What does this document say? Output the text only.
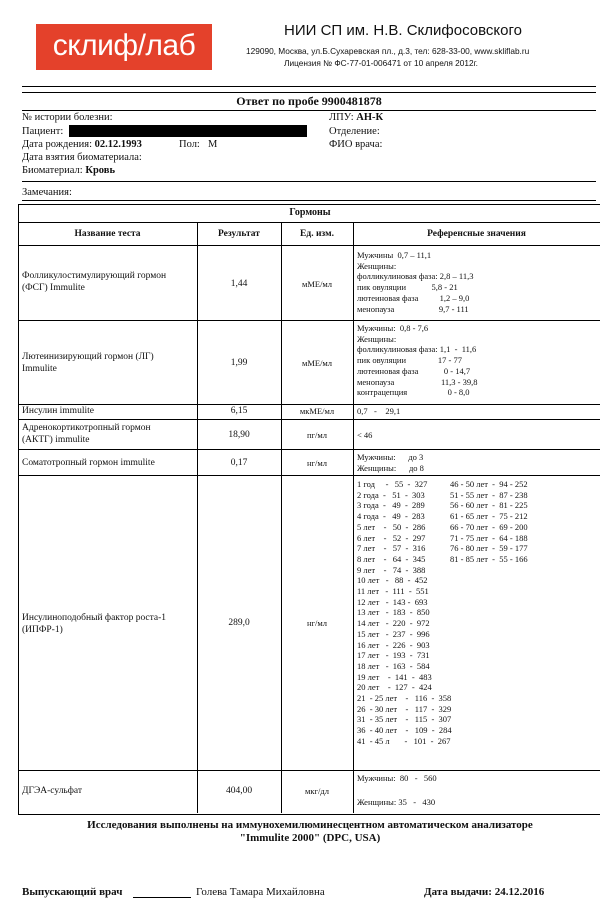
склиф/лаб	НИИ СП им. Н.В. Склифосовского
129090, Москва, ул.Б.Сухаревская пл., д.3, тел: 628-33-00, www.skliflab.ru
Лицензия № ФС-77-01-006471 от 10 апреля 2012г.
Ответ по пробе 9900481878
№ истории болезни:
Пациент:
Дата рождения: 02.12.1993	Пол: М
Дата взятия биоматериала:
Биоматериал: Кровь
ЛПУ: АН-К
Отделение:
ФИО врача:
Замечания:
Гормоны
Название теста	Результат	Ед. изм.	Референсные значения
Фолликулостимулирующий гормон
(ФСГ) Immulite	1,44	мМЕ/мл
Мужчины  0,7 – 11,1
Женщины:
фолликулиновая фаза: 2,8 – 11,3
пик овуляции            5,8 - 21
лютеиновая фаза          1,2 – 9,0
менопауза                     9,7 - 111
Лютеинизирующий гормон (ЛГ)
Immulite
1,99	мМЕ/мл
Мужчины:  0,8 - 7,6
Женщины:
фолликулиновая фаза: 1,1  -  11,6
пик овуляции               17 - 77
лютеиновая фаза            0 - 14,7
менопауза                      11,3 - 39,8
контрацепция                   0 - 8,0
Инсулин immulite	6,15	мкМЕ/мл	0,7   -    29,1
Адренокортикотропный гормон
(АКТГ) immulite	18,90	пг/мл	< 46
Соматотропный гормон immulite	0,17	нг/мл
Мужчины:      до 3
Женщины:      до 8
Инсулиноподобный фактор роста-1
(ИПФР-1)
289,0	нг/мл
1 год     -   55  -  327
2 года  -   51  -  303
3 года  -   49  -  289
4 года  -   49  -  283
5 лет    -   50  -  286
6 лет    -   52  -  297
7 лет    -   57  -  316
8 лет    -   64  -  345
9 лет    -   74  -  388
10 лет   -   88  -  452
11 лет   -  111  -  551
12 лет   -  143 -  693
13 лет   -  183  -  850
14 лет   -  220  -  972
15 лет   -  237  -  996
16 лет   -  226  -  903
17 лет   -  193  -  731
18 лет   -  163  -  584
19 лет    -  141  -  483
20 лет    -  127  -  424
21  - 25 лет    -   116  -  358
26  - 30 лет    -   117  -  329
31  - 35 лет    -   115  -  307
36  - 40 лет    -   109  -  284
41  - 45 л       -   101  -  267
46 - 50 лет  -  94 - 252
51 - 55 лет  -  87 - 238
56 - 60 лет  -  81 - 225
61 - 65 лет  -  75 - 212
66 - 70 лет  -  69 - 200
71 - 75 лет  -  64 - 188
76 - 80 лет  -  59 - 177
81 - 85 лет  -  55 - 166
ДГЭА-сульфат	404,00	мкг/дл
Мужчины:  80   -   560
Женщины: 35   -   430
Исследования выполнены на иммунохемилюминесцентном автоматическом анализаторе
"Immulite 2000" (DPC, USA)
Выпускающий врач	Голева Тамара Михайловна	Дата выдачи: 24.12.2016
